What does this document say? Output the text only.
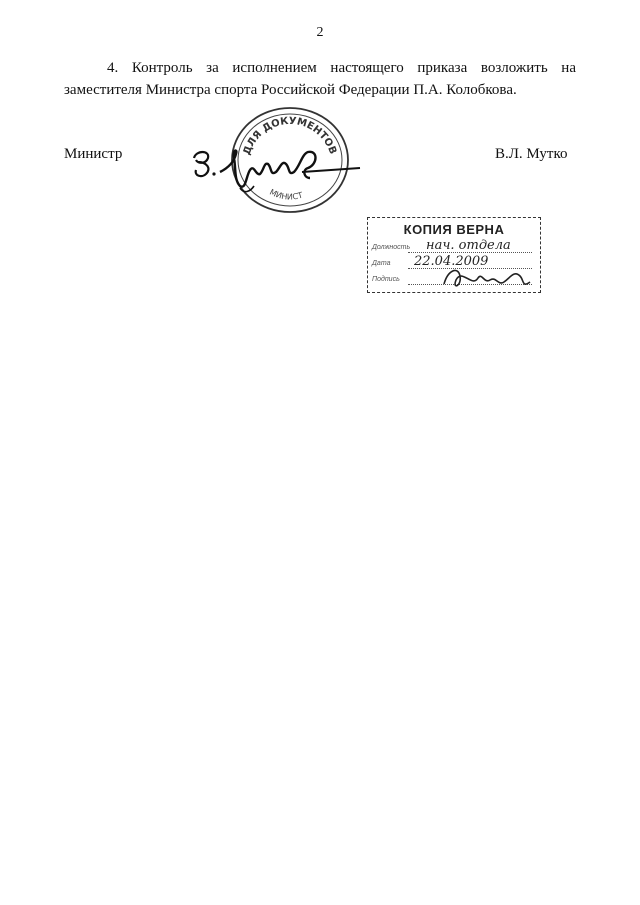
2
4. Контроль за исполнением настоящего приказа возложить на заместителя Министра спорта Российской Федерации П.А. Колобкова.
Министр	В.Л. Мутко
ДЛЯ ДОКУМЕНТОВ
МИНИСТ
КОПИЯ ВЕРНА
Должность нач. отдела
Дата 22.04.2009
Подпись
